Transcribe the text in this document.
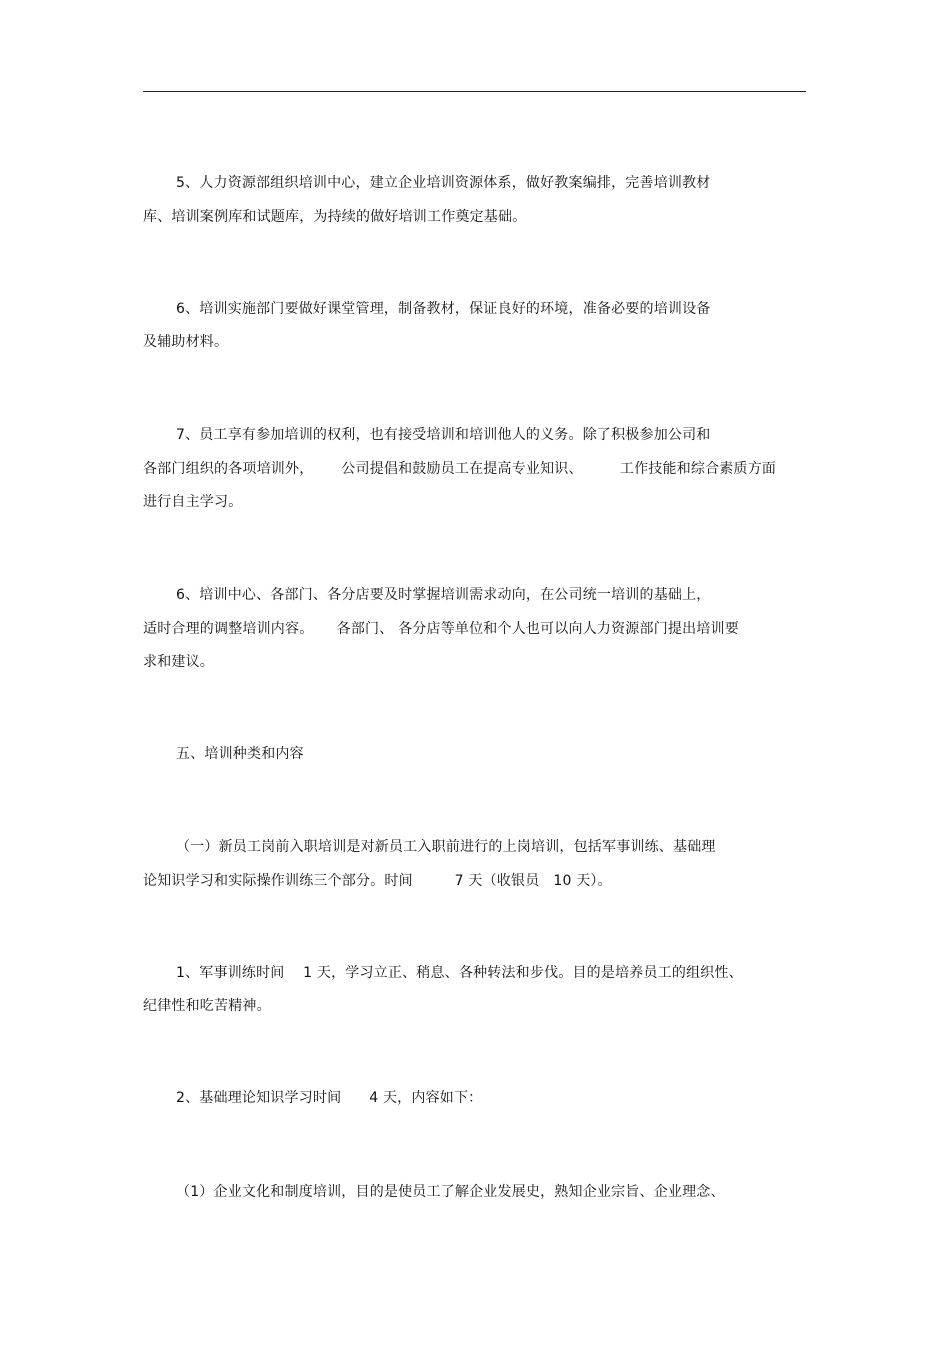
5、人力资源部组织培训中心，建立企业培训资源体系，做好教案编排，完善培训教材
库、培训案例库和试题库，为持续的做好培训工作奠定基础。
6、培训实施部门要做好课堂管理，制备教材，保证良好的环境，准备必要的培训设备
及辅助材料。
7、员工享有参加培训的权利，也有接受培训和培训他人的义务。除了积极参加公司和
各部门组织的各项培训外，      公司提倡和鼓励员工在提高专业知识、        工作技能和综合素质方面
进行自主学习。
6、培训中心、各部门、各分店要及时掌握培训需求动向，在公司统一培训的基础上，
适时合理的调整培训内容。     各部门、 各分店等单位和个人也可以向人力资源部门提出培训要
求和建议。
五、培训种类和内容
（一）新员工岗前入职培训是对新员工入职前进行的上岗培训，包括军事训练、基础理
论知识学习和实际操作训练三个部分。时间         7 天（收银员   10 天）。
1、军事训练时间    1 天，学习立正、稍息、各种转法和步伐。目的是培养员工的组织性、
纪律性和吃苦精神。
2、基础理论知识学习时间      4 天，内容如下：
（1）企业文化和制度培训，目的是使员工了解企业发展史，熟知企业宗旨、企业理念、
